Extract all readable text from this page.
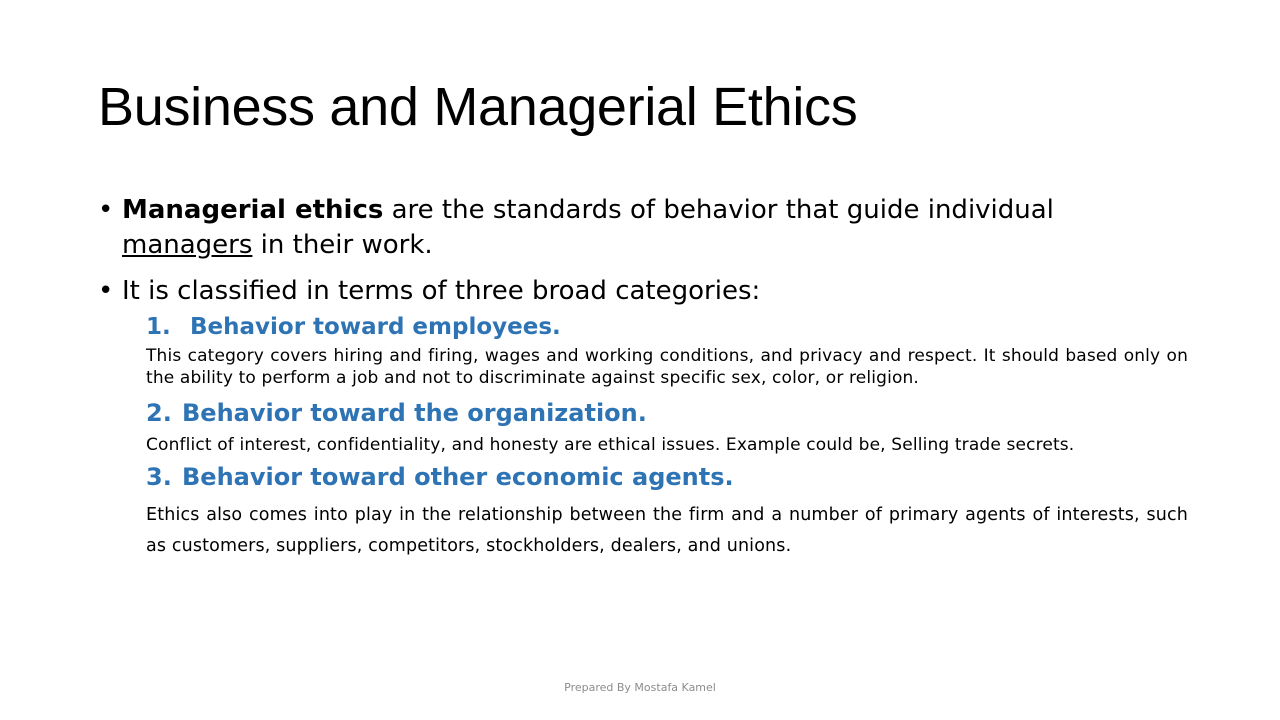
Business and Managerial Ethics
• Managerial ethics are the standards of behavior that guide individual managers in their work.
• It is classified in terms of three broad categories:
1. Behavior toward employees.
This category covers hiring and firing, wages and working conditions, and privacy and respect. It should based only on the ability to perform a job and not to discriminate against specific sex, color, or religion.
2. Behavior toward the organization.
Conflict of interest, confidentiality, and honesty are ethical issues. Example could be, Selling trade secrets.
3. Behavior toward other economic agents.
Ethics also comes into play in the relationship between the firm and a number of primary agents of interests, such as customers, suppliers, competitors, stockholders, dealers, and unions.
Prepared By Mostafa Kamel
